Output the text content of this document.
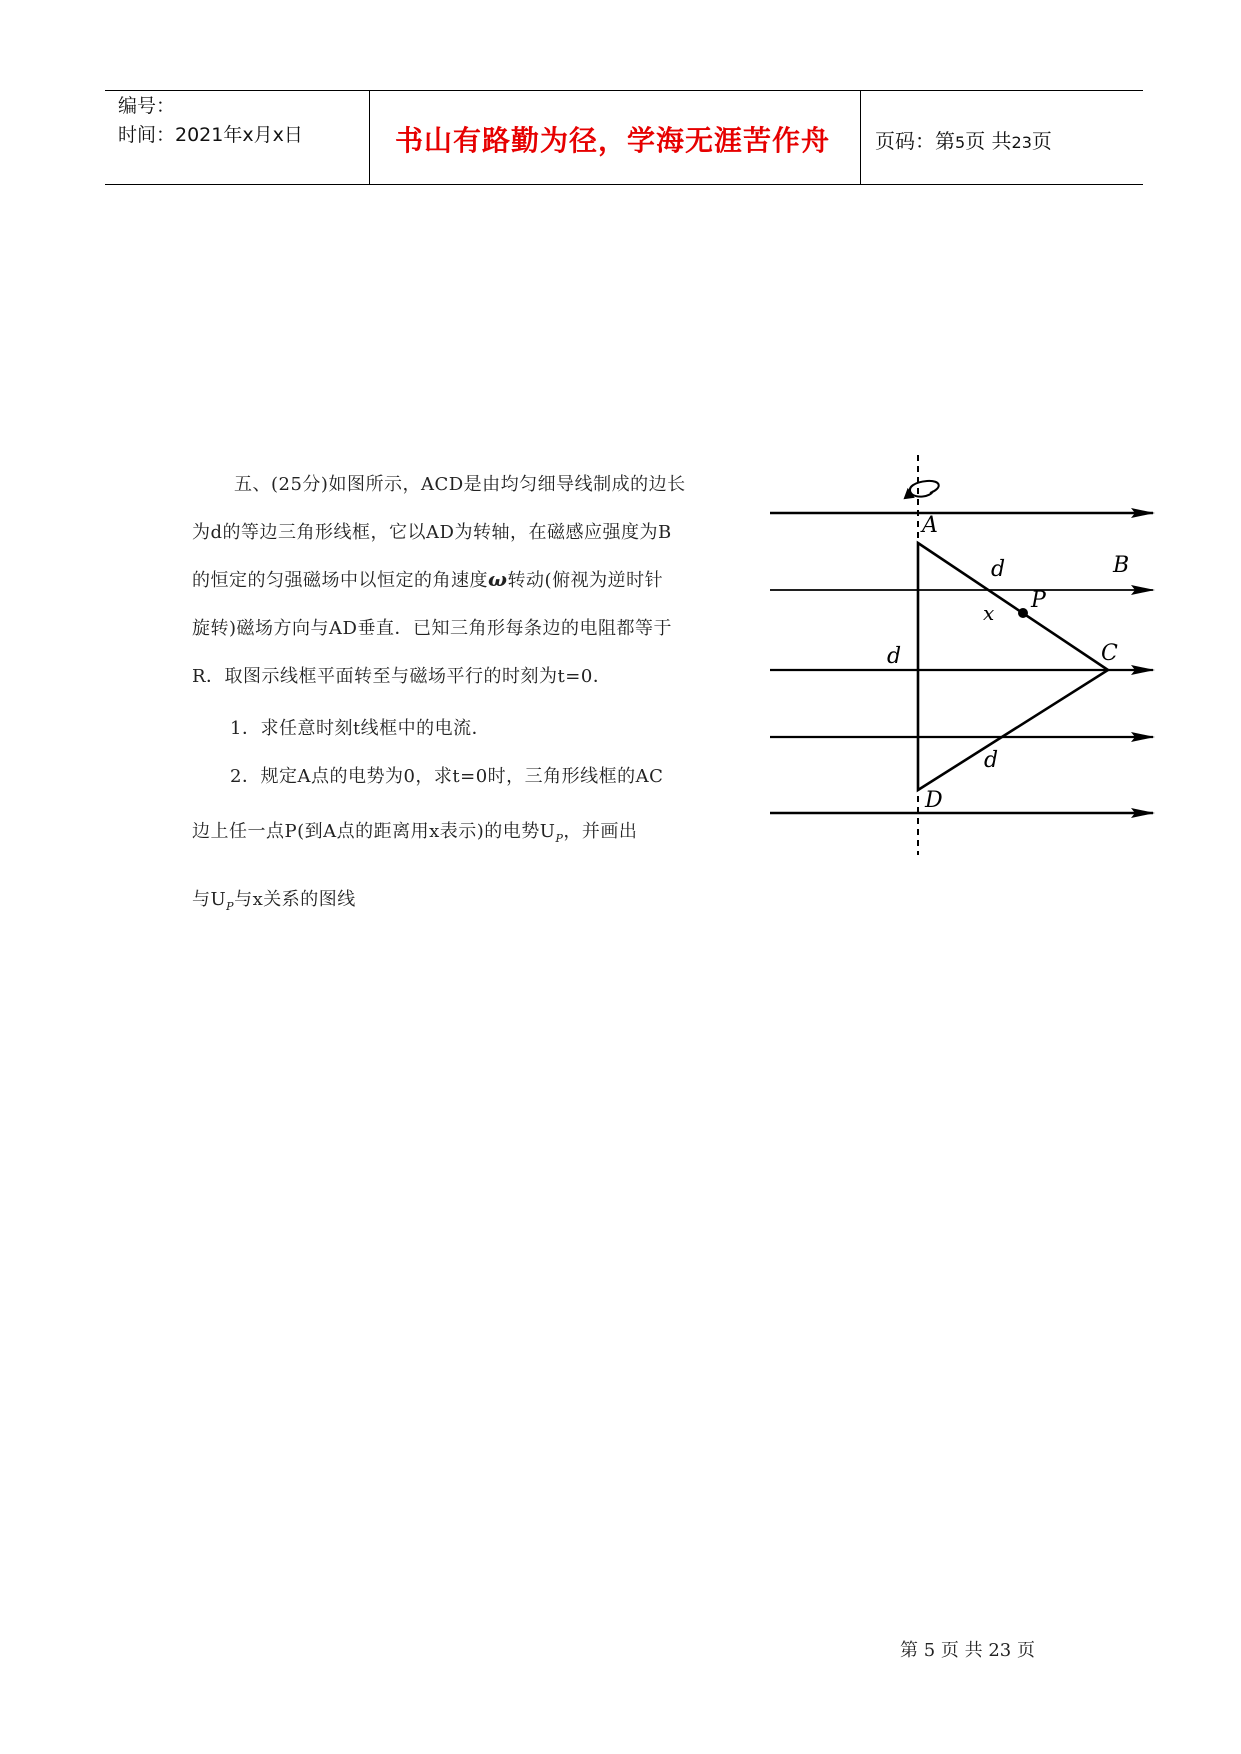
编号：
时间：2021年x月x日	书山有路勤为径，学海无涯苦作舟 页码：第5页 共23页
五、(25分)如图所示，ACD是由均匀细导线制成的边长
为d的等边三角形线框，它以AD为转轴，在磁感应强度为B
的恒定的匀强磁场中以恒定的角速度ω转动(俯视为逆时针
旋转)磁场方向与AD垂直．已知三角形每条边的电阻都等于
R．取图示线框平面转至与磁场平行的时刻为t=0．
1．求任意时刻t线框中的电流．
2．规定A点的电势为0，求t=0时，三角形线框的AC
边上任一点P(到A点的距离用x表示)的电势$U_P$，并画出
与$U_P$与x关系的图线
A
d	B
P
x
C
d
d
D
第 5 页 共 23 页
